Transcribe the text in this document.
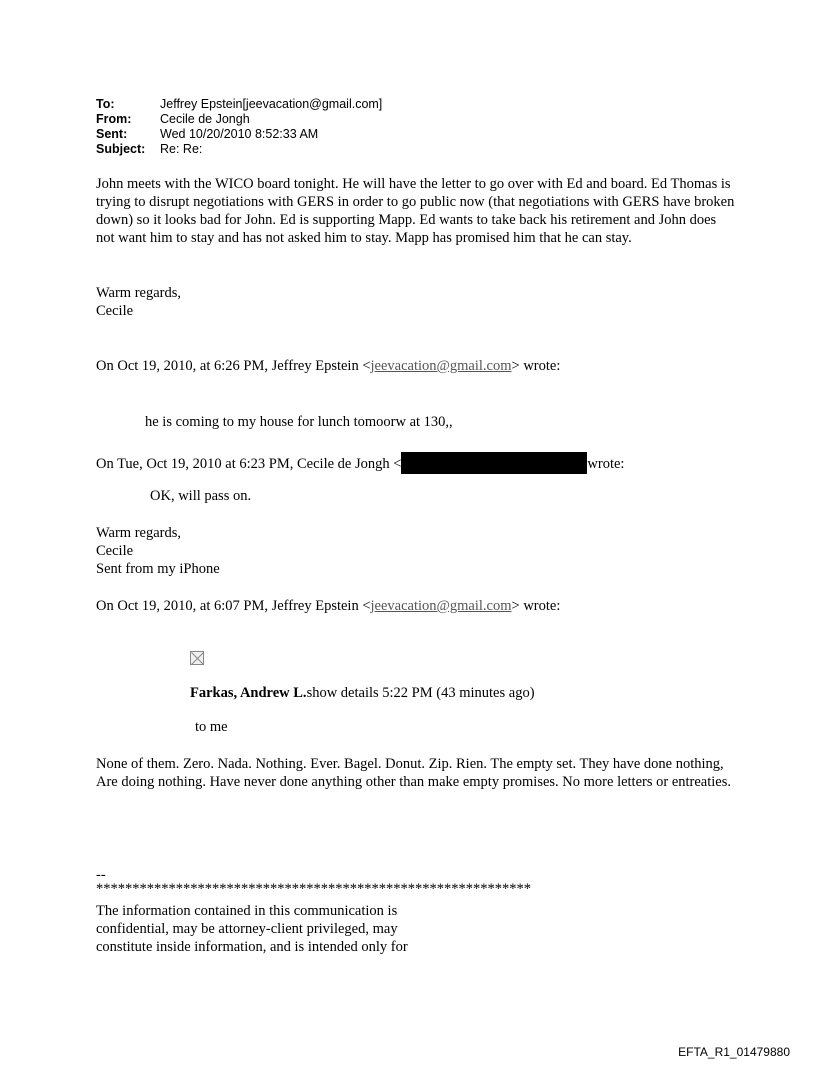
To:	Jeffrey Epstein[jeevacation@gmail.com]
From:	Cecile de Jongh
Sent:	Wed 10/20/2010 8:52:33 AM
Subject:	Re: Re:

John meets with the WICO board tonight. He will have the letter to go over with Ed and board. Ed Thomas is trying to disrupt negotiations with GERS in order to go public now (that negotiations with GERS have broken down) so it looks bad for John. Ed is supporting Mapp. Ed wants to take back his retirement and John does not want him to stay and has not asked him to stay. Mapp has promised him that he can stay.

Warm regards,

Cecile

On Oct 19, 2010, at 6:26 PM, Jeffrey Epstein <jeevacation@gmail.com> wrote:

he is coming to my house for lunch tomoorw at 130,,

On Tue, Oct 19, 2010 at 6:23 PM, Cecile de Jongh <	wrote:

OK, will pass on.

Warm regards,

Cecile

Sent from my iPhone

On Oct 19, 2010, at 6:07 PM, Jeffrey Epstein <jeevacation@gmail.com> wrote:

Farkas, Andrew L.show details 5:22 PM (43 minutes ago)

to me

None of them. Zero. Nada. Nothing. Ever. Bagel. Donut. Zip. Rien. The empty set. They have done nothing, Are doing nothing. Have never done anything other than make empty promises. No more letters or entreaties.

--

************************************************************

The information contained in this communication is

confidential, may be attorney-client privileged, may

constitute inside information, and is intended only for

EFTA_R1_01479880
